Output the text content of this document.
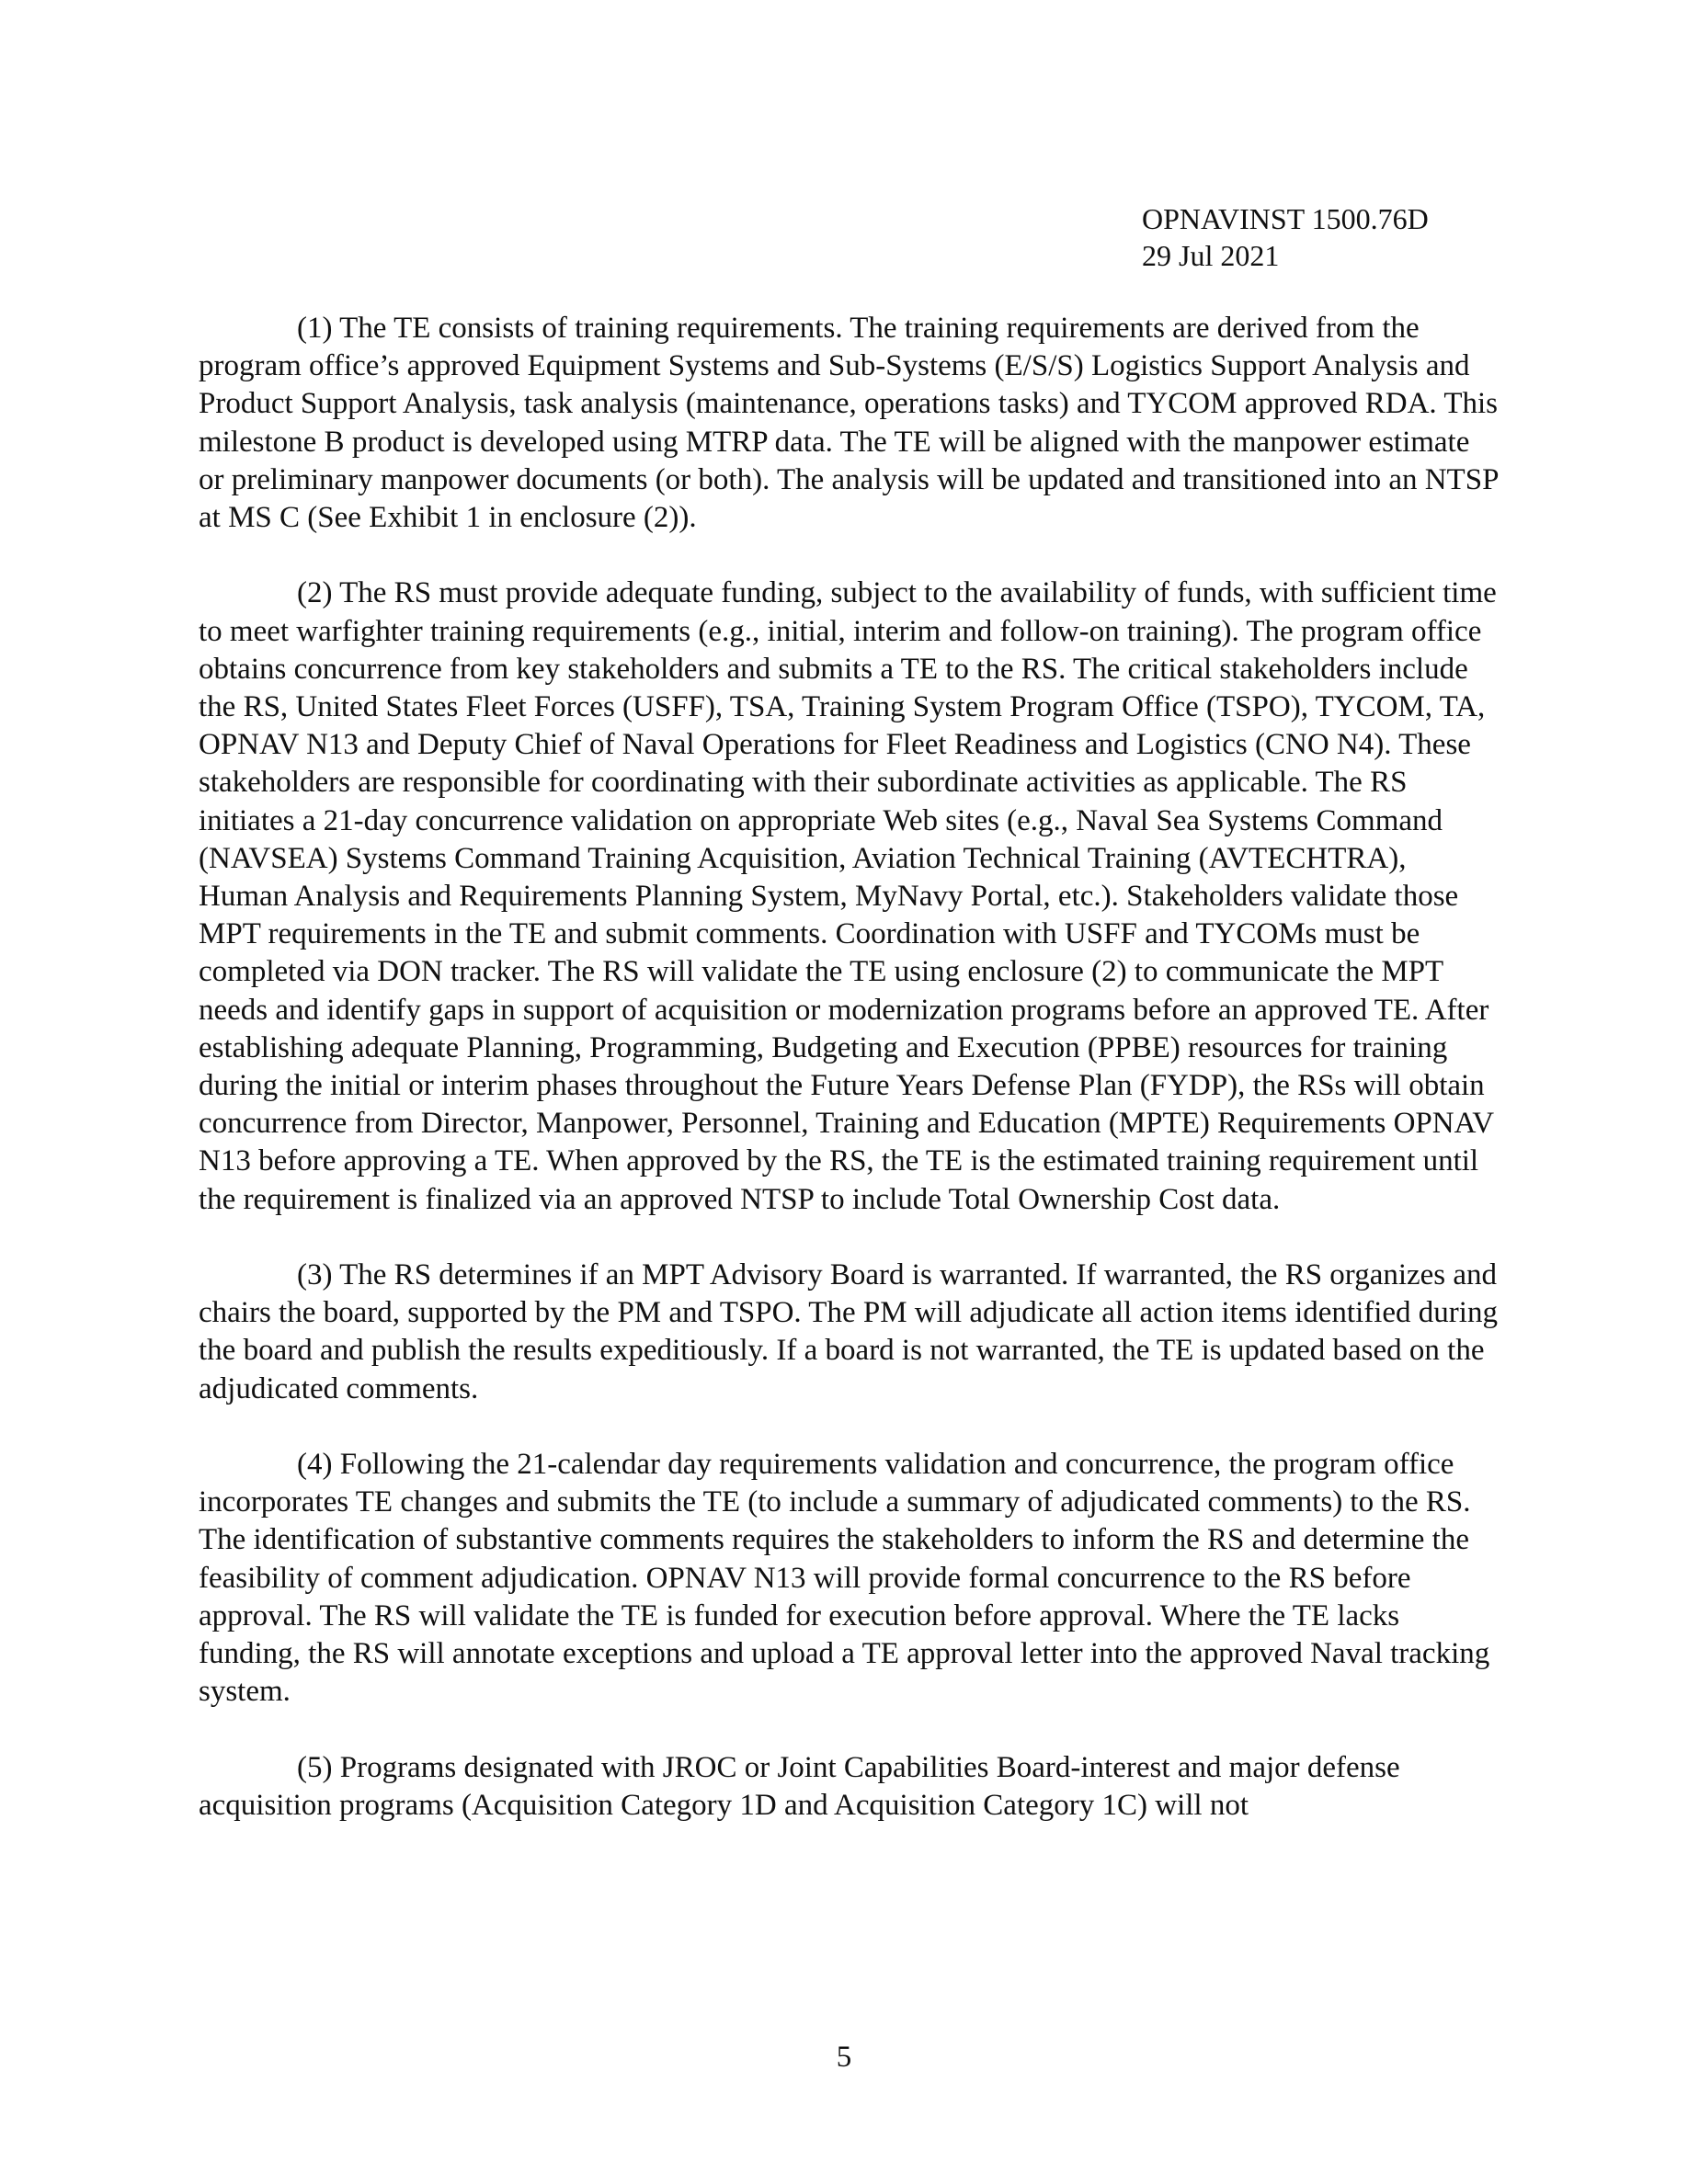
OPNAVINST 1500.76D
29 Jul 2021

(1) The TE consists of training requirements. The training requirements are derived from the program office’s approved Equipment Systems and Sub-Systems (E/S/S) Logistics Support Analysis and Product Support Analysis, task analysis (maintenance, operations tasks) and TYCOM approved RDA. This milestone B product is developed using MTRP data. The TE will be aligned with the manpower estimate or preliminary manpower documents (or both). The analysis will be updated and transitioned into an NTSP at MS C (See Exhibit 1 in enclosure (2)).

(2) The RS must provide adequate funding, subject to the availability of funds, with sufficient time to meet warfighter training requirements (e.g., initial, interim and follow-on training). The program office obtains concurrence from key stakeholders and submits a TE to the RS. The critical stakeholders include the RS, United States Fleet Forces (USFF), TSA, Training System Program Office (TSPO), TYCOM, TA, OPNAV N13 and Deputy Chief of Naval Operations for Fleet Readiness and Logistics (CNO N4). These stakeholders are responsible for coordinating with their subordinate activities as applicable. The RS initiates a 21-day concurrence validation on appropriate Web sites (e.g., Naval Sea Systems Command (NAVSEA) Systems Command Training Acquisition, Aviation Technical Training (AVTECHTRA), Human Analysis and Requirements Planning System, MyNavy Portal, etc.). Stakeholders validate those MPT requirements in the TE and submit comments. Coordination with USFF and TYCOMs must be completed via DON tracker. The RS will validate the TE using enclosure (2) to communicate the MPT needs and identify gaps in support of acquisition or modernization programs before an approved TE. After establishing adequate Planning, Programming, Budgeting and Execution (PPBE) resources for training during the initial or interim phases throughout the Future Years Defense Plan (FYDP), the RSs will obtain concurrence from Director, Manpower, Personnel, Training and Education (MPTE) Requirements OPNAV N13 before approving a TE. When approved by the RS, the TE is the estimated training requirement until the requirement is finalized via an approved NTSP to include Total Ownership Cost data.

(3) The RS determines if an MPT Advisory Board is warranted. If warranted, the RS organizes and chairs the board, supported by the PM and TSPO. The PM will adjudicate all action items identified during the board and publish the results expeditiously. If a board is not warranted, the TE is updated based on the adjudicated comments.

(4) Following the 21-calendar day requirements validation and concurrence, the program office incorporates TE changes and submits the TE (to include a summary of adjudicated comments) to the RS. The identification of substantive comments requires the stakeholders to inform the RS and determine the feasibility of comment adjudication. OPNAV N13 will provide formal concurrence to the RS before approval. The RS will validate the TE is funded for execution before approval. Where the TE lacks funding, the RS will annotate exceptions and upload a TE approval letter into the approved Naval tracking system.

(5) Programs designated with JROC or Joint Capabilities Board-interest and major defense acquisition programs (Acquisition Category 1D and Acquisition Category 1C) will not

5
